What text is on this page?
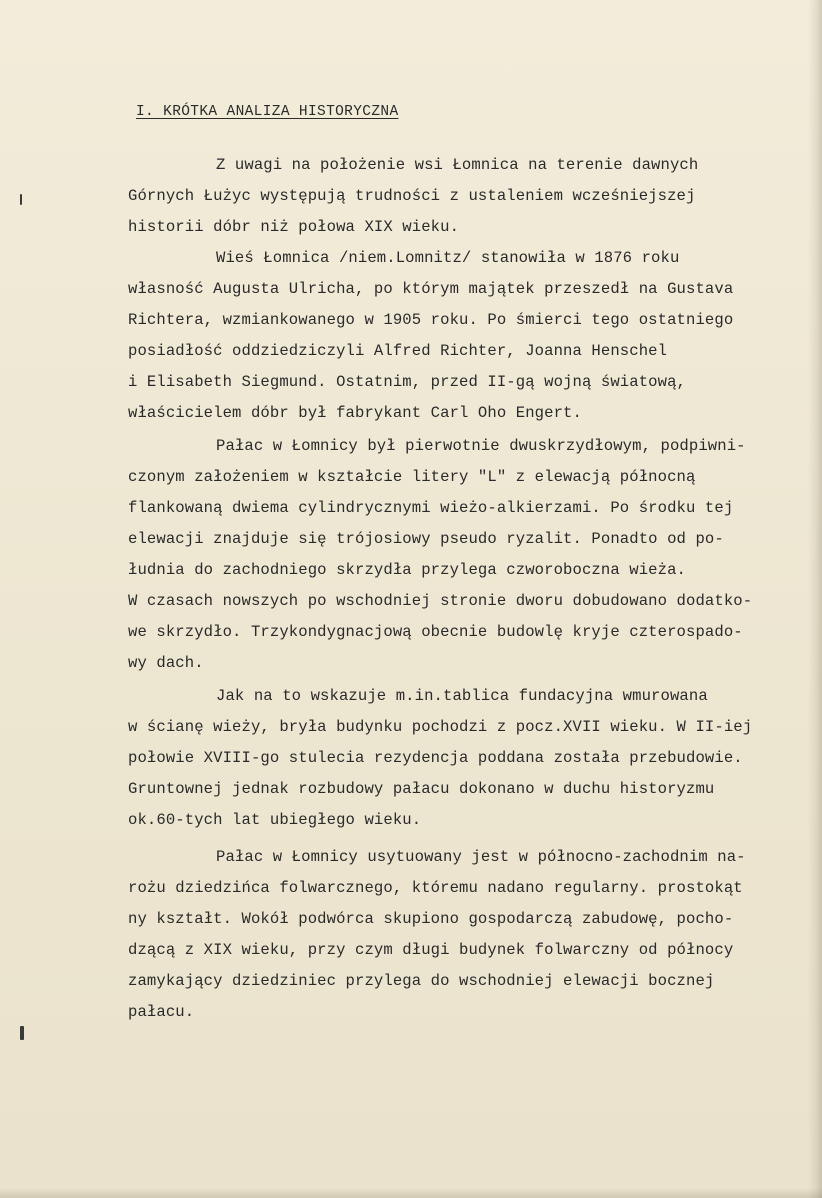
I. KRÓTKA ANALIZA HISTORYCZNA
Z uwagi na położenie wsi Łomnica na terenie dawnych
Górnych Łużyc występują trudności z ustaleniem wcześniejszej
historii dóbr niż połowa XIX wieku.
Wieś Łomnica /niem.Lomnitz/ stanowiła w 1876 roku
własność Augusta Ulricha, po którym majątek przeszedł na Gustava
Richtera, wzmiankowanego w 1905 roku. Po śmierci tego ostatniego
posiadłość oddziedziczyli Alfred Richter, Joanna Henschel
i Elisabeth Siegmund. Ostatnim, przed II-gą wojną światową,
właścicielem dóbr był fabrykant Carl Oho Engert.
Pałac w Łomnicy był pierwotnie dwuskrzydłowym, podpiwni-
czonym założeniem w kształcie litery "L" z elewacją północną
flankowaną dwiema cylindrycznymi wieżo-alkierzami. Po środku tej
elewacji znajduje się trójosiowy pseudo ryzalit. Ponadto od po-
łudnia do zachodniego skrzydła przylega czworoboczna wieża.
W czasach nowszych po wschodniej stronie dworu dobudowano dodatko-
we skrzydło. Trzykondygnacjową obecnie budowlę kryje czterospado-
wy dach.
Jak na to wskazuje m.in.tablica fundacyjna wmurowana
w ścianę wieży, bryła budynku pochodzi z pocz.XVII wieku. W II-iej
połowie XVIII-go stulecia rezydencja poddana została przebudowie.
Gruntownej jednak rozbudowy pałacu dokonano w duchu historyzmu
ok.60-tych lat ubiegłego wieku.
Pałac w Łomnicy usytuowany jest w północno-zachodnim na-
rożu dziedzińca folwarcznego, któremu nadano regularny. prostokąt
ny kształt. Wokół podwórca skupiono gospodarczą zabudowę, pocho-
dzącą z XIX wieku, przy czym długi budynek folwarczny od północy
zamykający dziedziniec przylega do wschodniej elewacji bocznej
pałacu.
